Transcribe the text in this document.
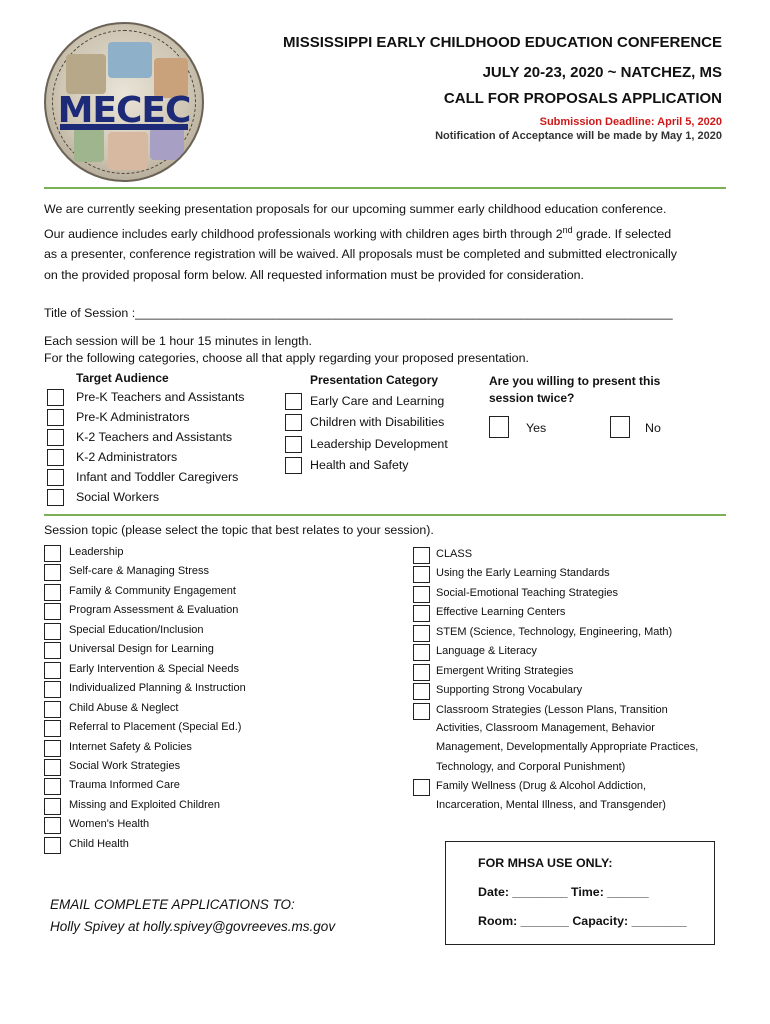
MECEC
MISSISSIPPI EARLY CHILDHOOD EDUCATION CONFERENCE
JULY 20-23, 2020 ~ NATCHEZ, MS
CALL FOR PROPOSALS APPLICATION
Submission Deadline: April 5, 2020
Notification of Acceptance will be made by May 1, 2020
We are currently seeking presentation proposals for our upcoming summer early childhood education conference.
Our audience includes early childhood professionals working with children ages birth through 2nd grade. If selected
as a presenter, conference registration will be waived. All proposals must be completed and submitted electronically
on the provided proposal form below. All requested information must be provided for consideration.
Title of Session :______________________________________________________________________________
Each session will be 1 hour 15 minutes in length.
For the following categories, choose all that apply regarding your proposed presentation.
Target Audience
Pre-K Teachers and Assistants
Pre-K Administrators
K-2 Teachers and Assistants
K-2 Administrators
Infant and Toddler Caregivers
Social Workers
Presentation Category
Early Care and Learning
Children with Disabilities
Leadership Development
Health and Safety
Are you willing to present this
session twice?
Yes	No
Session topic (please select the topic that best relates to your session).
Leadership
Self-care & Managing Stress
Family & Community Engagement
Program Assessment & Evaluation
Special Education/Inclusion
Universal Design for Learning
Early Intervention & Special Needs
Individualized Planning & Instruction
Child Abuse & Neglect
Referral to Placement (Special Ed.)
Internet Safety & Policies
Social Work Strategies
Trauma Informed Care
Missing and Exploited Children
Women's Health
Child Health
CLASS
Using the Early Learning Standards
Social-Emotional Teaching Strategies
Effective Learning Centers
STEM (Science, Technology, Engineering, Math)
Language & Literacy
Emergent Writing Strategies
Supporting Strong Vocabulary
Classroom Strategies (Lesson Plans, Transition
Activities, Classroom Management, Behavior
Management, Developmentally Appropriate Practices,
Technology, and Corporal Punishment)
Family Wellness (Drug & Alcohol Addiction,
Incarceration, Mental Illness, and Transgender)
EMAIL COMPLETE APPLICATIONS TO:
Holly Spivey at holly.spivey@govreeves.ms.gov
FOR MHSA USE ONLY:
Date: ________ Time: ______
Room: _______ Capacity: ________
